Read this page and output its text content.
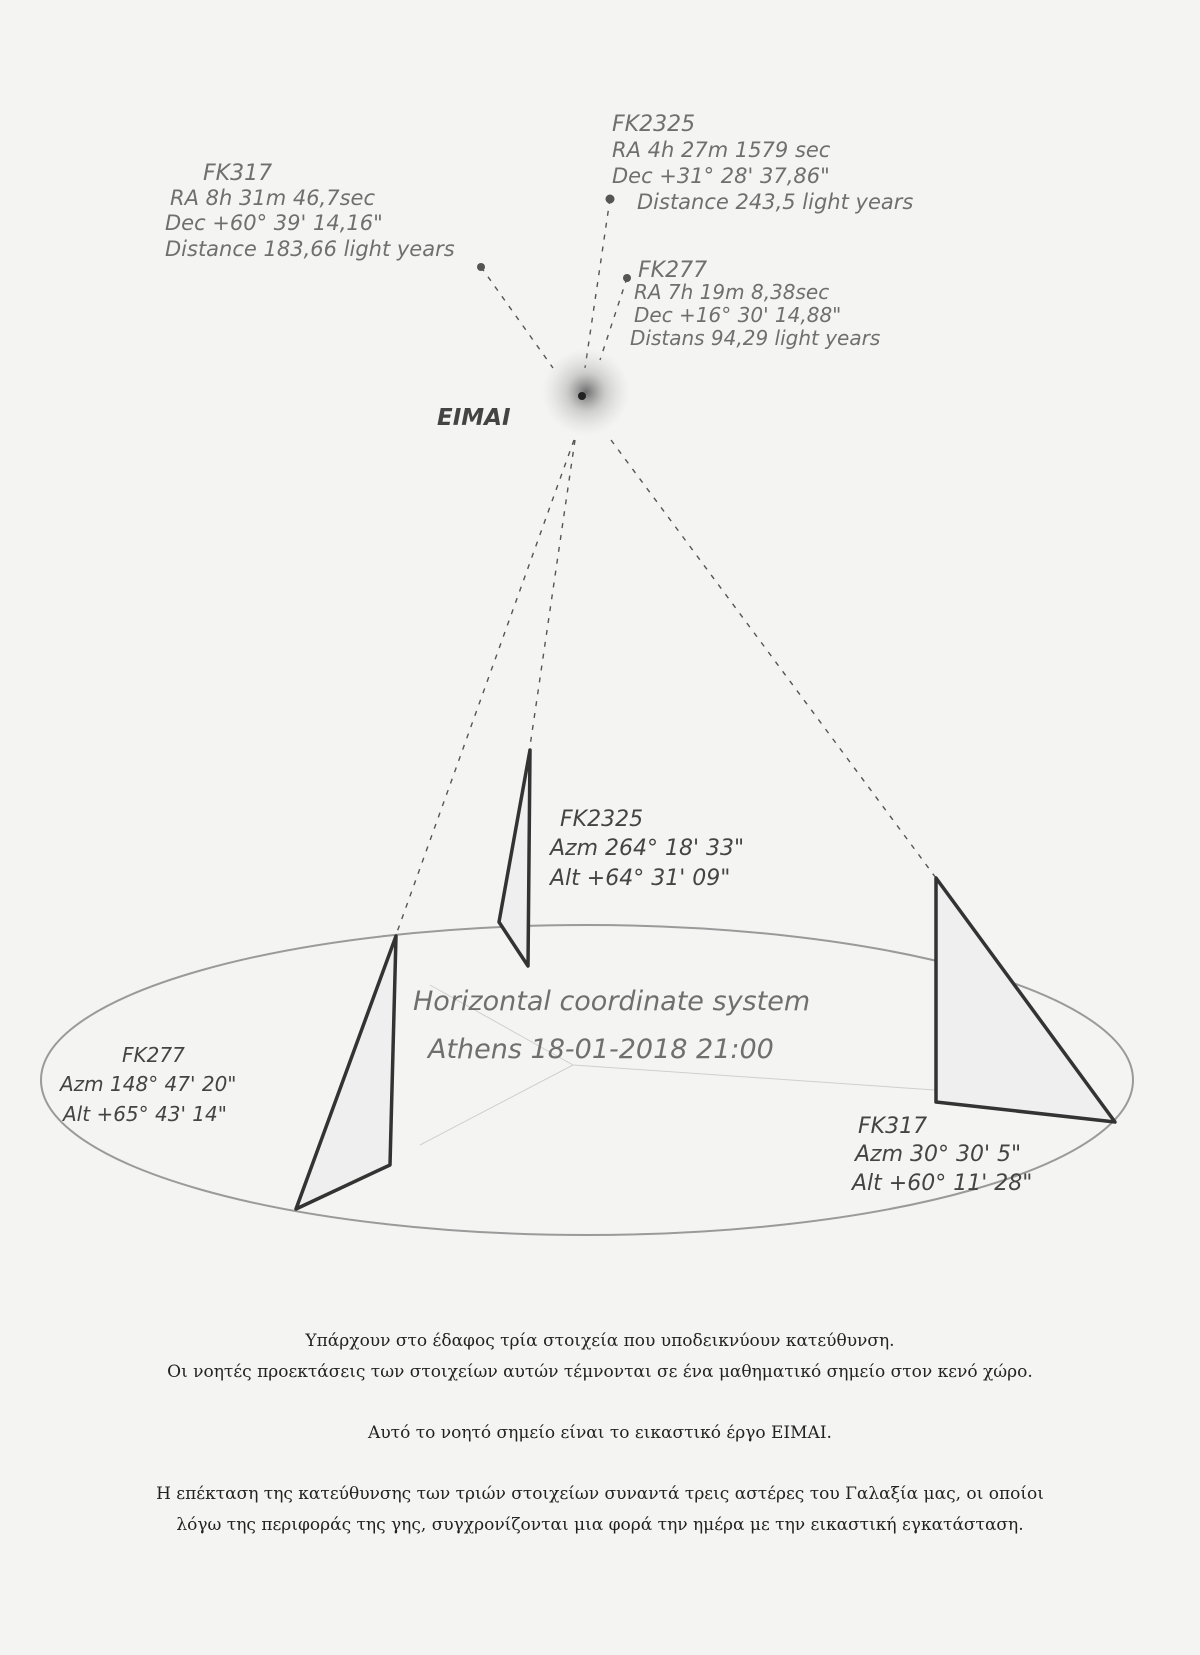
FK317
RA 8h 31m 46,7sec
Dec +60° 39' 14,16"
Distance 183,66 light years
FK2325
RA 4h 27m 1579 sec
Dec +31° 28' 37,86"
Distance 243,5 light years
FK277
RA 7h 19m 8,38sec
Dec +16° 30' 14,88"
Distans 94,29 light years
ΕΙΜΑΙ
FK2325
Azm 264° 18' 33"
Alt +64° 31' 09"
FK277
Azm 148° 47' 20"
Alt +65° 43' 14"	FK317
Azm 30° 30' 5"
Alt +60° 11' 28"
Horizontal coordinate system
Athens 18-01-2018 21:00

Υπάρχουν στο έδαφος τρία στοιχεία που υποδεικνύουν κατεύθυνση.

Οι νοητές προεκτάσεις των στοιχείων αυτών τέμνονται σε ένα μαθηματικό σημείο στον κενό χώρο.

Αυτό το νοητό σημείο είναι το εικαστικό έργο ΕΙΜΑΙ.

Η επέκταση της κατεύθυνσης των τριών στοιχείων συναντά τρεις αστέρες του Γαλαξία μας, οι οποίοι

λόγω της περιφοράς της γης, συγχρονίζονται μια φορά την ημέρα με την εικαστική εγκατάσταση.
